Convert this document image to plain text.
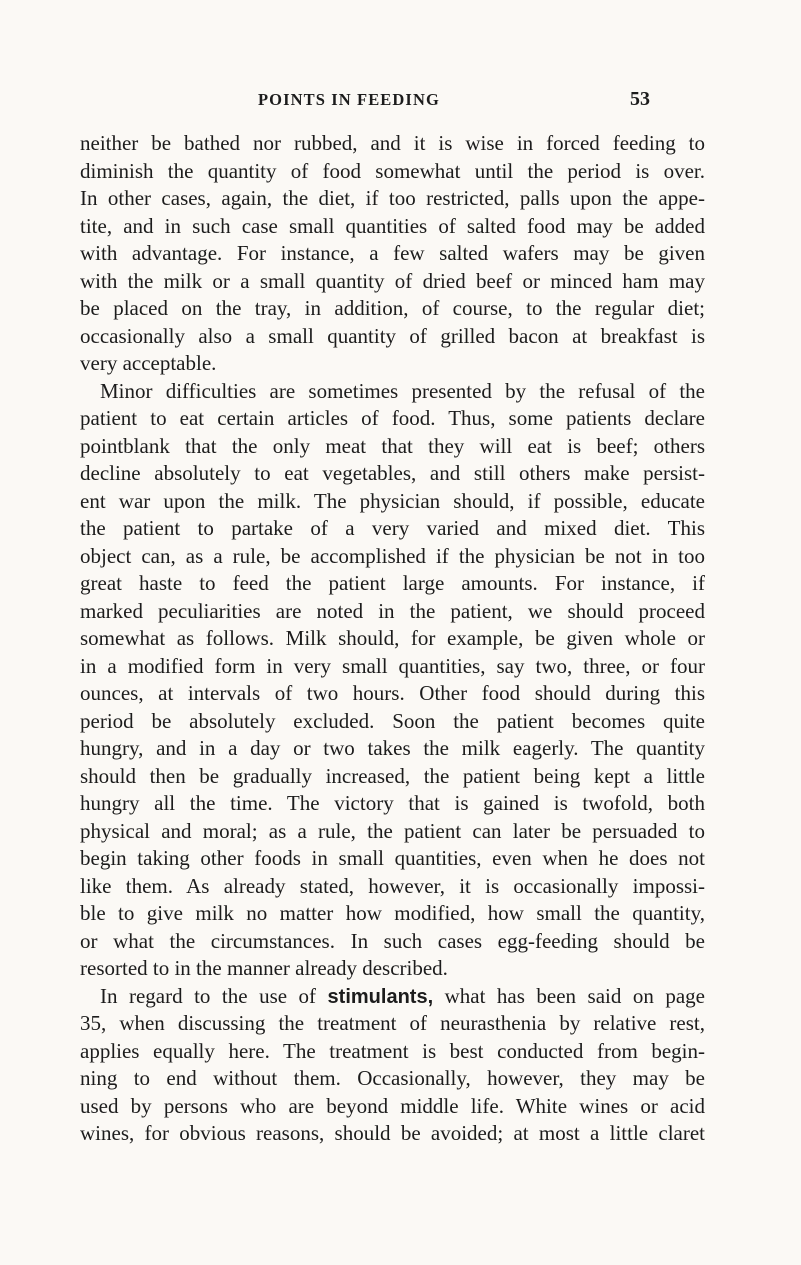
POINTS IN FEEDING	53
neither be bathed nor rubbed, and it is wise in forced feeding to
diminish the quantity of food somewhat until the period is over.
In other cases, again, the diet, if too restricted, palls upon the appe-
tite, and in such case small quantities of salted food may be added
with advantage. For instance, a few salted wafers may be given
with the milk or a small quantity of dried beef or minced ham may
be placed on the tray, in addition, of course, to the regular diet;
occasionally also a small quantity of grilled bacon at breakfast is
very acceptable.
Minor difficulties are sometimes presented by the refusal of the
patient to eat certain articles of food. Thus, some patients declare
pointblank that the only meat that they will eat is beef; others
decline absolutely to eat vegetables, and still others make persist-
ent war upon the milk. The physician should, if possible, educate
the patient to partake of a very varied and mixed diet. This
object can, as a rule, be accomplished if the physician be not in too
great haste to feed the patient large amounts. For instance, if
marked peculiarities are noted in the patient, we should proceed
somewhat as follows. Milk should, for example, be given whole or
in a modified form in very small quantities, say two, three, or four
ounces, at intervals of two hours. Other food should during this
period be absolutely excluded. Soon the patient becomes quite
hungry, and in a day or two takes the milk eagerly. The quantity
should then be gradually increased, the patient being kept a little
hungry all the time. The victory that is gained is twofold, both
physical and moral; as a rule, the patient can later be persuaded to
begin taking other foods in small quantities, even when he does not
like them. As already stated, however, it is occasionally impossi-
ble to give milk no matter how modified, how small the quantity,
or what the circumstances. In such cases egg-feeding should be
resorted to in the manner already described.
In regard to the use of stimulants, what has been said on page
35, when discussing the treatment of neurasthenia by relative rest,
applies equally here. The treatment is best conducted from begin-
ning to end without them. Occasionally, however, they may be
used by persons who are beyond middle life. White wines or acid
wines, for obvious reasons, should be avoided; at most a little claret
